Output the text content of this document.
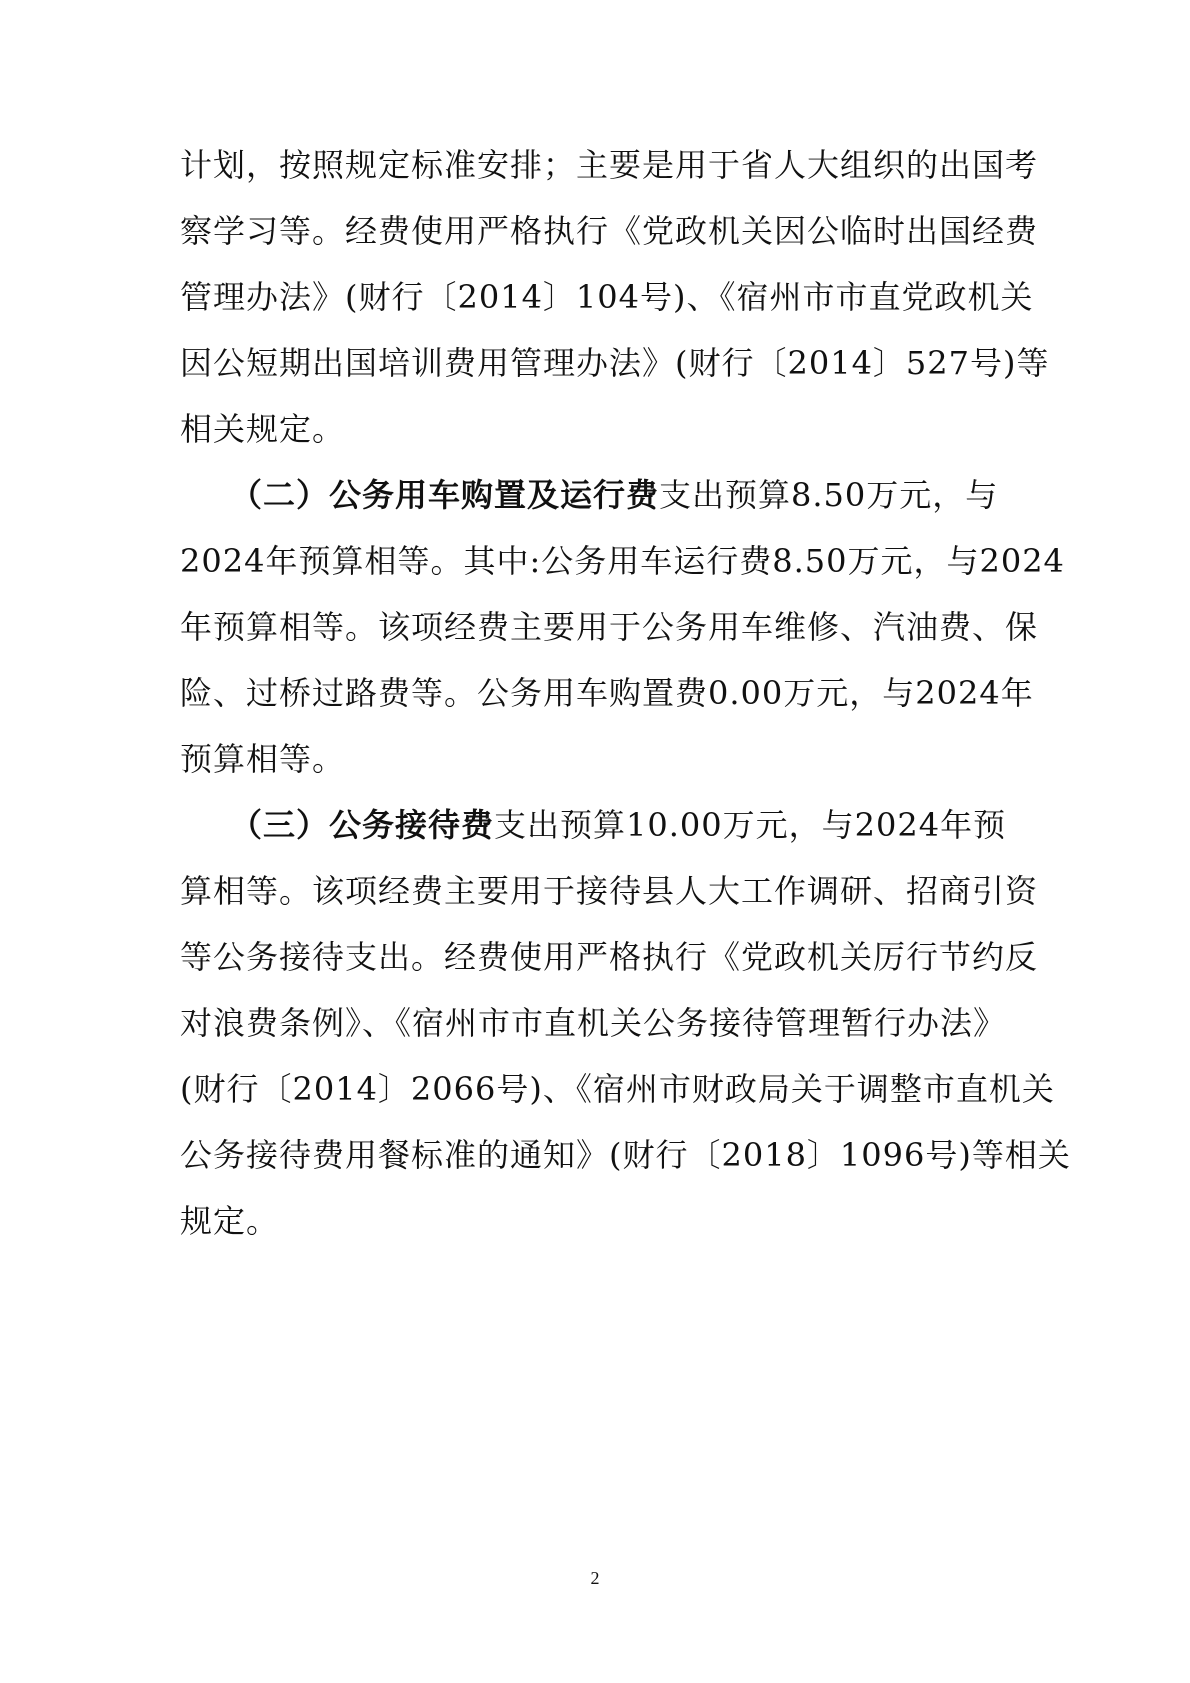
计划，按照规定标准安排；主要是用于省人大组织的出国考
察学习等。经费使用严格执行《党政机关因公临时出国经费
管理办法》(财行〔2014〕104号)、《宿州市市直党政机关
因公短期出国培训费用管理办法》(财行〔2014〕527号)等
相关规定。
（二）公务用车购置及运行费支出预算8.50万元，与
2024年预算相等。其中:公务用车运行费8.50万元，与2024
年预算相等。该项经费主要用于公务用车维修、汽油费、保
险、过桥过路费等。公务用车购置费0.00万元，与2024年
预算相等。
（三）公务接待费支出预算10.00万元，与2024年预
算相等。该项经费主要用于接待县人大工作调研、招商引资
等公务接待支出。经费使用严格执行《党政机关厉行节约反
对浪费条例》、《宿州市市直机关公务接待管理暂行办法》
(财行〔2014〕2066号)、《宿州市财政局关于调整市直机关
公务接待费用餐标准的通知》(财行〔2018〕1096号)等相关
规定。
2
